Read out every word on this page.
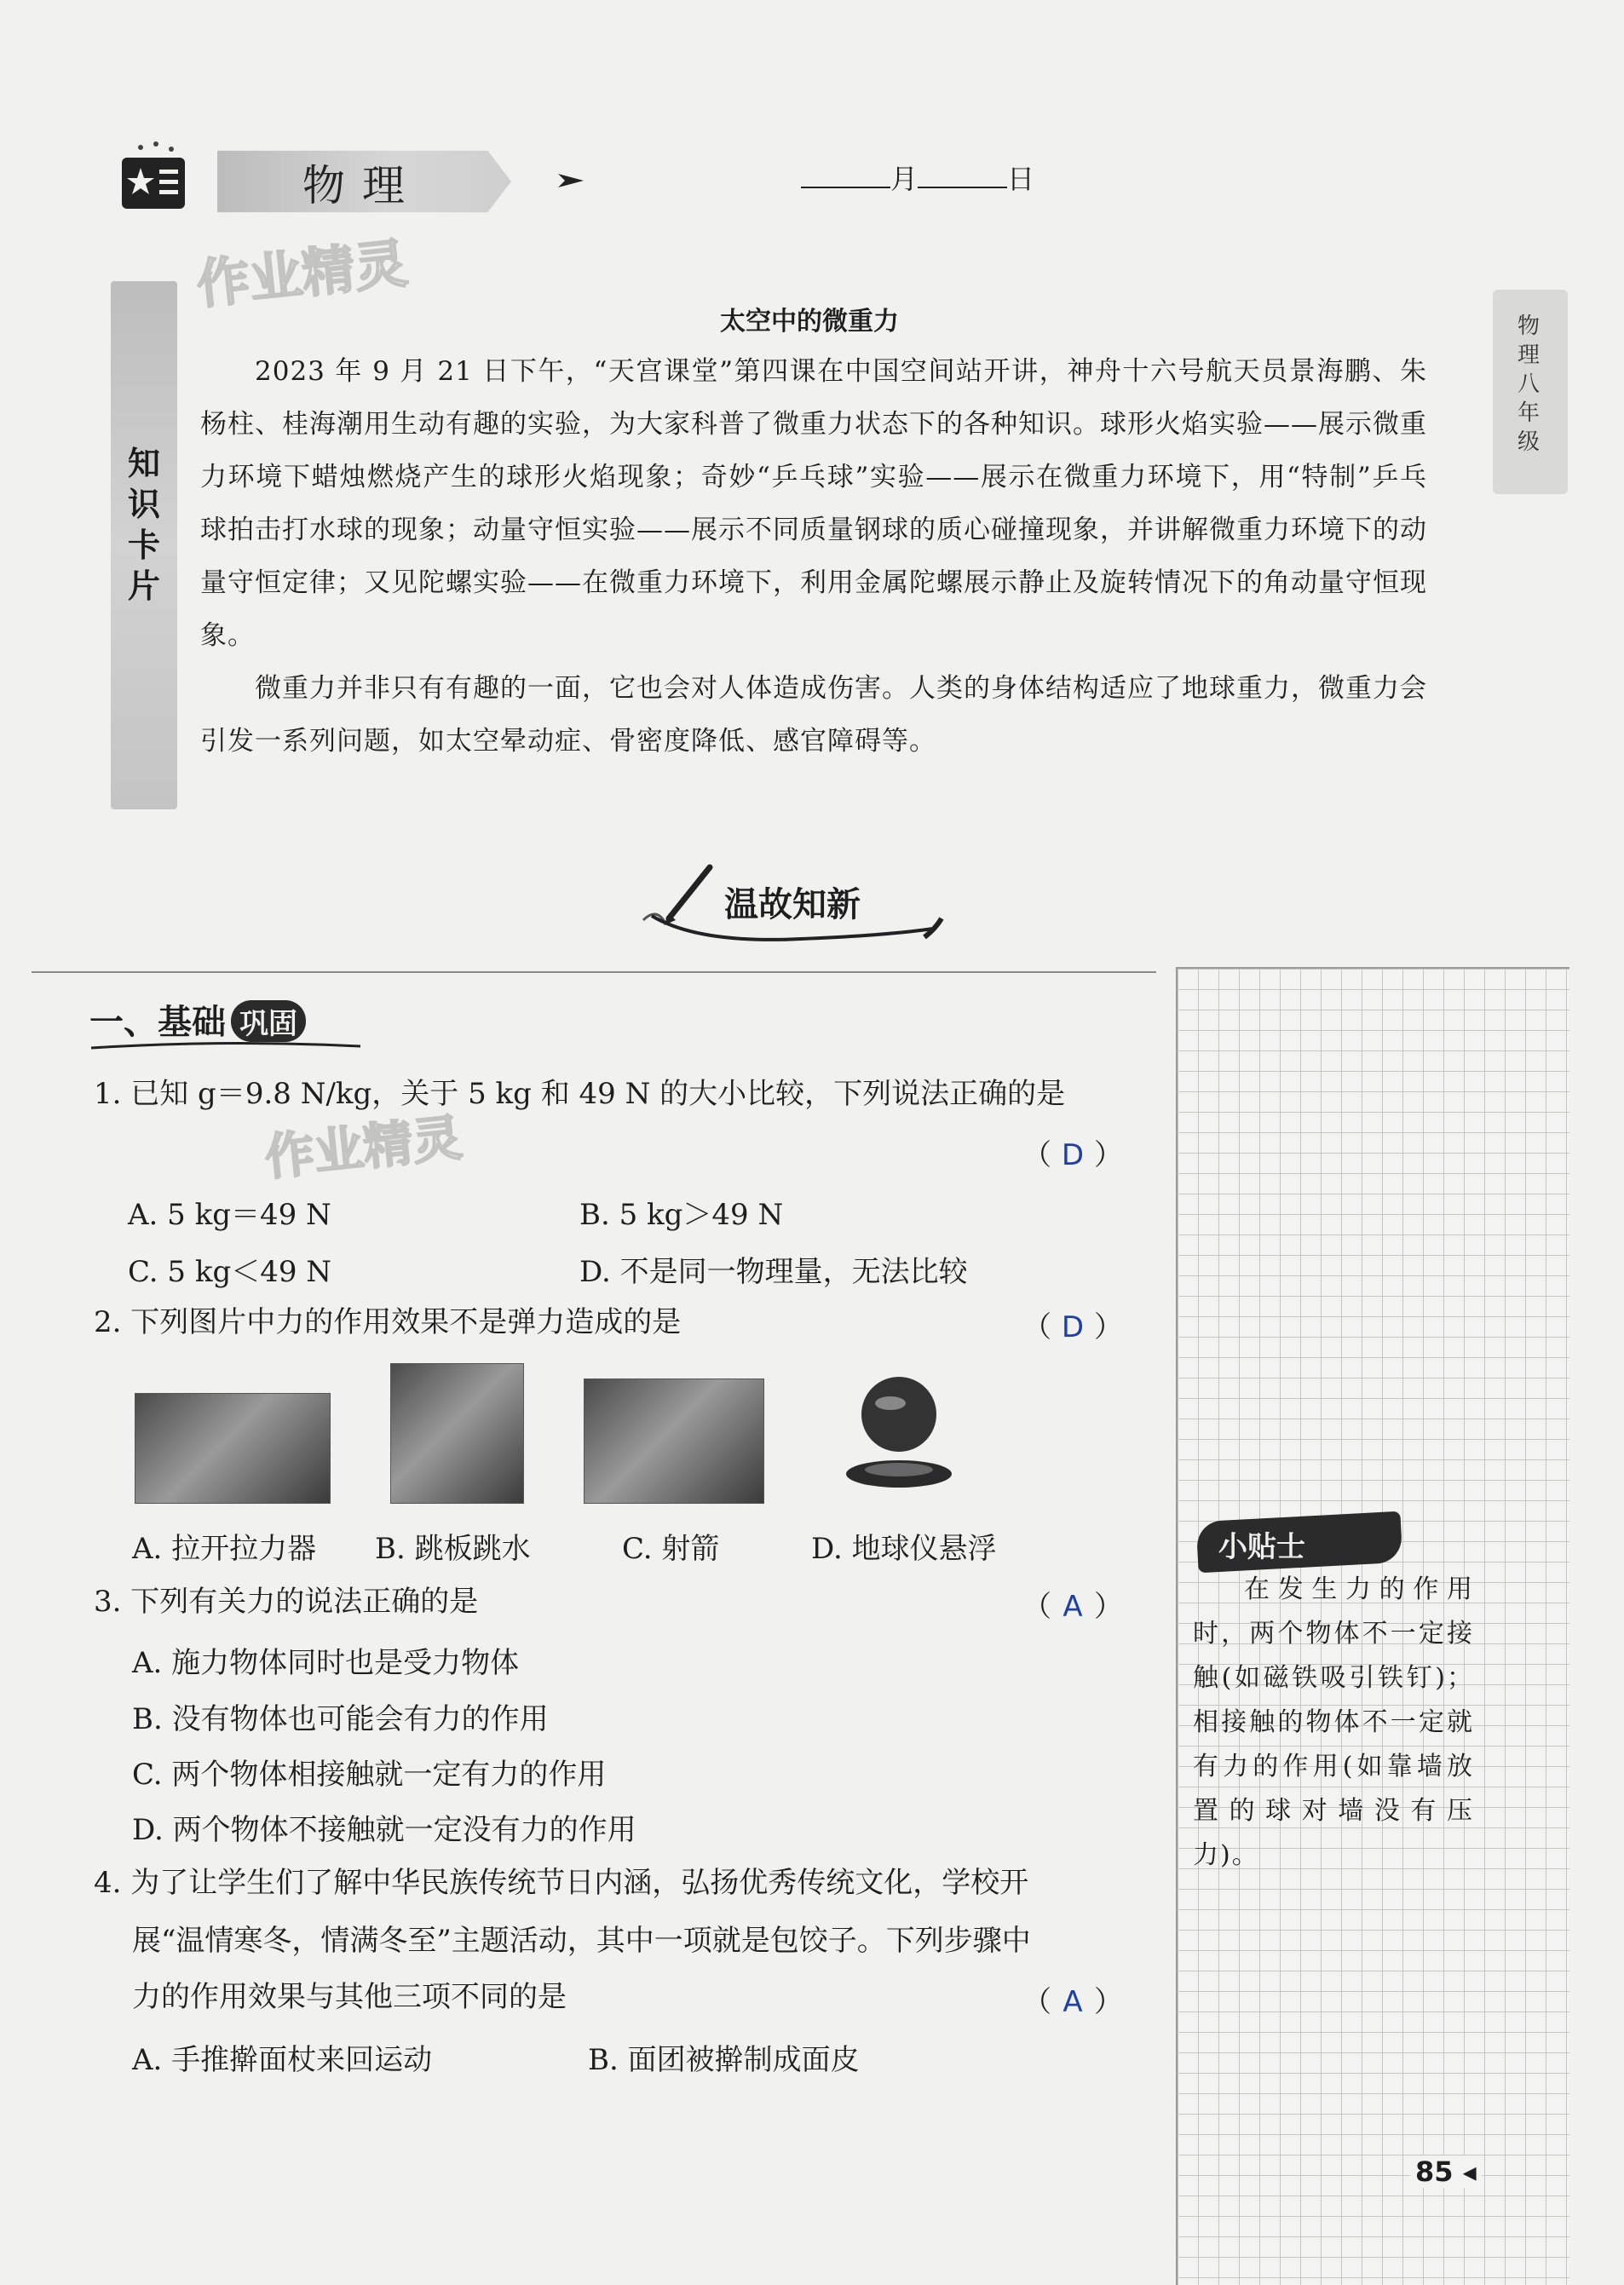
物理	月	日
作业精灵
物理 八年级
知识卡片
太空中的微重力

2023 年 9 月 21 日下午，“天宫课堂”第四课在中国空间站开讲，神舟十六号航天员景海鹏、朱杨柱、桂海潮用生动有趣的实验，为大家科普了微重力状态下的各种知识。球形火焰实验——展示微重力环境下蜡烛燃烧产生的球形火焰现象；奇妙“乒乓球”实验——展示在微重力环境下，用“特制”乒乓球拍击打水球的现象；动量守恒实验——展示不同质量钢球的质心碰撞现象，并讲解微重力环境下的动量守恒定律；又见陀螺实验——在微重力环境下，利用金属陀螺展示静止及旋转情况下的角动量守恒现象。

微重力并非只有有趣的一面，它也会对人体造成伤害。人类的身体结构适应了地球重力，微重力会引发一系列问题，如太空晕动症、骨密度降低、感官障碍等。

温故知新
一、基础 巩固
1. 已知 g＝9.8 N/kg，关于 5 kg 和 49 N 的大小比较，下列说法正确的是
作业精灵	（ D ）
A. 5 kg＝49 N	B. 5 kg＞49 N
C. 5 kg＜49 N	D. 不是同一物理量，无法比较
2. 下列图片中力的作用效果不是弹力造成的是	（ D ）
A. 拉开拉力器 B. 跳板跳水	C. 射箭	D. 地球仪悬浮
3. 下列有关力的说法正确的是	（ A ）
A. 施力物体同时也是受力物体
B. 没有物体也可能会有力的作用
C. 两个物体相接触就一定有力的作用
D. 两个物体不接触就一定没有力的作用
4. 为了让学生们了解中华民族传统节日内涵，弘扬优秀传统文化，学校开
展“温情寒冬，情满冬至”主题活动，其中一项就是包饺子。下列步骤中
力的作用效果与其他三项不同的是	（ A ）
A. 手推擀面杖来回运动	B. 面团被擀制成面皮
小贴士
在发生力的作用时，两个物体不一定接触(如磁铁吸引铁钉)；相接触的物体不一定就有力的作用(如靠墙放置的球对墙没有压力)。
85 ◂
